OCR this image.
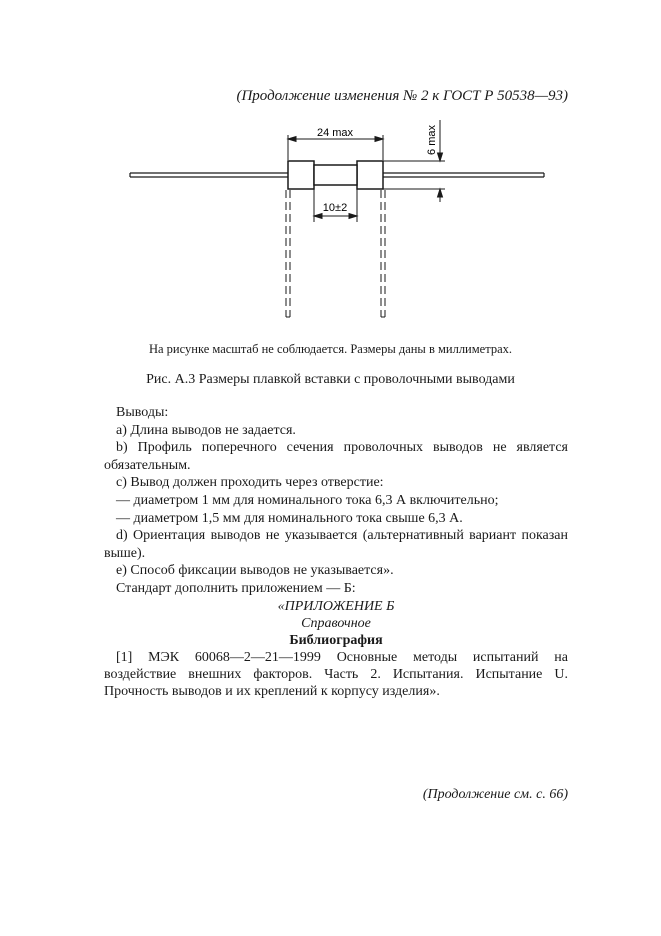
(Продолжение изменения № 2 к ГОСТ Р 50538—93)
24 max	6 max
10±2
На рисунке масштаб не соблюдается. Размеры даны в миллиметрах.
Рис. А.3 Размеры плавкой вставки с проволочными выводами

Выводы:

а) Длина выводов не задается.

b) Профиль поперечного сечения проволочных выводов не является обязательным.

с) Вывод должен проходить через отверстие:

— диаметром 1 мм для номинального тока 6,3 А включительно;

— диаметром 1,5 мм для номинального тока свыше 6,3 А.

d) Ориентация выводов не указывается (альтернативный вариант показан выше).

е) Способ фиксации выводов не указывается».

Стандарт дополнить приложением — Б:

«ПРИЛОЖЕНИЕ Б

Справочное

Библиография

[1] МЭК 60068—2—21—1999 Основные методы испытаний на воздействие внешних факторов. Часть 2. Испытания. Испытание U. Прочность выводов и их креплений к корпусу изделия».

(Продолжение см. с. 66)
